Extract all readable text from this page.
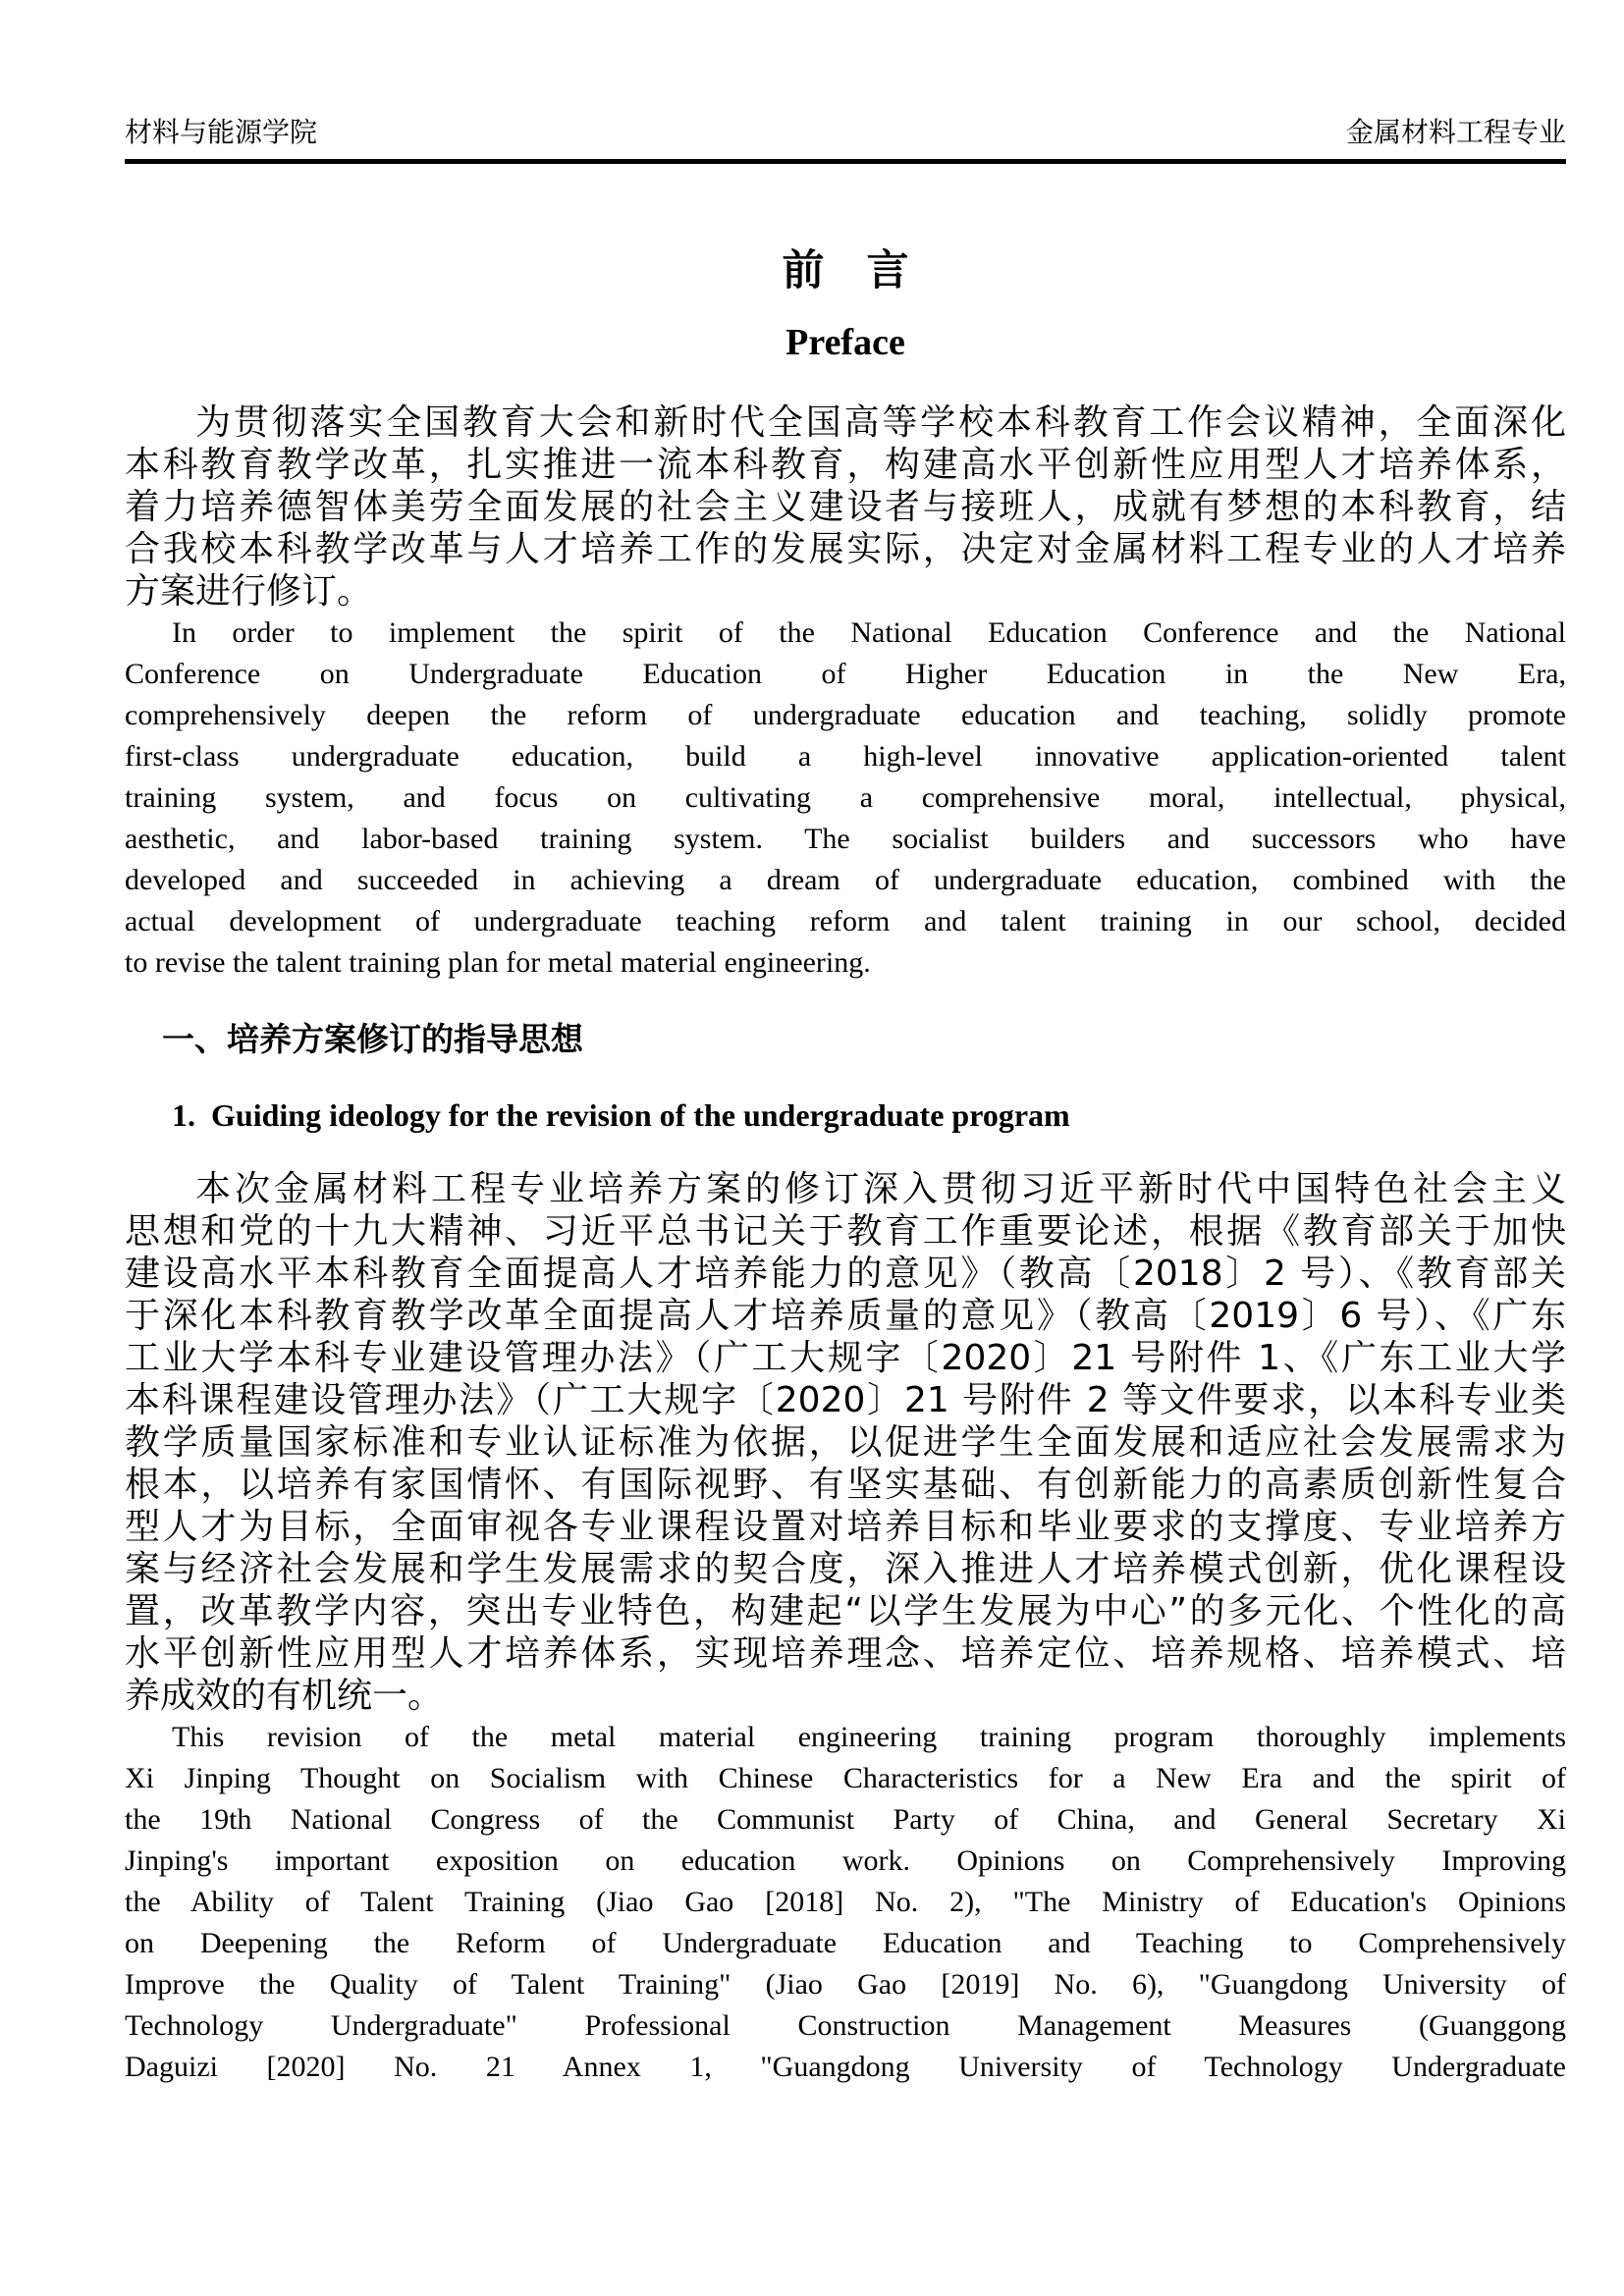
材料与能源学院	金属材料工程专业
前　言
Preface
为贯彻落实全国教育大会和新时代全国高等学校本科教育工作会议精神，全面深化
本科教育教学改革，扎实推进一流本科教育，构建高水平创新性应用型人才培养体系，
着力培养德智体美劳全面发展的社会主义建设者与接班人，成就有梦想的本科教育，结
合我校本科教学改革与人才培养工作的发展实际，决定对金属材料工程专业的人才培养
方案进行修订。
In order to implement the spirit of the National Education Conference and the National
Conference on Undergraduate Education of Higher Education in the New Era,
comprehensively deepen the reform of undergraduate education and teaching, solidly promote
first-class undergraduate education, build a high-level innovative application-oriented talent
training system, and focus on cultivating a comprehensive moral, intellectual, physical,
aesthetic, and labor-based training system. The socialist builders and successors who have
developed and succeeded in achieving a dream of undergraduate education, combined with the
actual development of undergraduate teaching reform and talent training in our school, decided
to revise the talent training plan for metal material engineering.
一、培养方案修订的指导思想
1.  Guiding ideology for the revision of the undergraduate program
本次金属材料工程专业培养方案的修订深入贯彻习近平新时代中国特色社会主义
思想和党的十九大精神、习近平总书记关于教育工作重要论述，根据《教育部关于加快
建设高水平本科教育全面提高人才培养能力的意见》（教高〔2018〕2 号）、《教育部关
于深化本科教育教学改革全面提高人才培养质量的意见》（教高〔2019〕6 号）、《广东
工业大学本科专业建设管理办法》（广工大规字〔2020〕21 号附件 1、《广东工业大学
本科课程建设管理办法》（广工大规字〔2020〕21 号附件 2 等文件要求，以本科专业类
教学质量国家标准和专业认证标准为依据，以促进学生全面发展和适应社会发展需求为
根本，以培养有家国情怀、有国际视野、有坚实基础、有创新能力的高素质创新性复合
型人才为目标，全面审视各专业课程设置对培养目标和毕业要求的支撑度、专业培养方
案与经济社会发展和学生发展需求的契合度，深入推进人才培养模式创新，优化课程设
置，改革教学内容，突出专业特色，构建起“以学生发展为中心”的多元化、个性化的高
水平创新性应用型人才培养体系，实现培养理念、培养定位、培养规格、培养模式、培
养成效的有机统一。
This revision of the metal material engineering training program thoroughly implements
Xi Jinping Thought on Socialism with Chinese Characteristics for a New Era and the spirit of
the 19th National Congress of the Communist Party of China, and General Secretary Xi
Jinping's important exposition on education work. Opinions on Comprehensively Improving
the Ability of Talent Training (Jiao Gao [2018] No. 2), "The Ministry of Education's Opinions
on Deepening the Reform of Undergraduate Education and Teaching to Comprehensively
Improve the Quality of Talent Training" (Jiao Gao [2019] No. 6), "Guangdong University of
Technology Undergraduate" Professional Construction Management Measures (Guanggong
Daguizi [2020] No. 21 Annex 1, "Guangdong University of Technology Undergraduate
